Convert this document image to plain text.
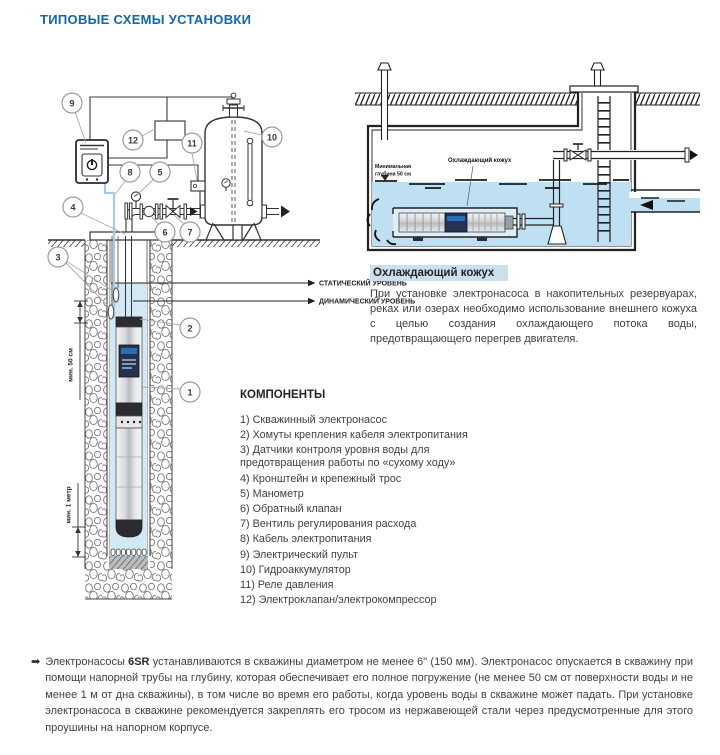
ТИПОВЫЕ СХЕМЫ УСТАНОВКИ
СТАТИЧЕСКИЙ УРОВЕНЬ
ДИНАМИЧЕСКИЙ УРОВЕНЬ
мин. 50 см
мин. 1 метр
9
12	11
10
8	5
4
6 7
3
2
1
Минимальная
глубина 50 см
Охлаждающий кожух
Охлаждающий кожух

При установке электронасоса в накопительных резервуарах, реках или озерах необходимо использование внешнего кожуха с целью создания охлаждающего потока воды, предотвращающего перегрев двигателя.

КОМПОНЕНТЫ

1) Скважинный электронасос
2) Хомуты крепления кабеля электропитания
3) Датчики контроля уровня воды для предотвращения работы по «сухому ходу»
4) Кронштейн и крепежный трос
5) Манометр
6) Обратный клапан
7) Вентиль регулирования расхода
8) Кабель электропитания
9) Электрический пульт
10) Гидроаккумулятор
11) Реле давления
12) Электроклапан/электрокомпрессор
➡ Электронасосы 6SR устанавливаются в скважины диаметром не менее 6" (150 мм). Электронасос опускается в скважину при помощи напорной трубы на глубину, которая обеспечивает его полное погружение (не менее 50 см от поверхности воды и не менее 1 м от дна скважины), в том числе во время его работы, когда уровень воды в скважине может падать. При установке электронасоса в скважине рекомендуется закреплять его тросом из нержавеющей стали через предусмотренные для этого проушины на напорном корпусе.
